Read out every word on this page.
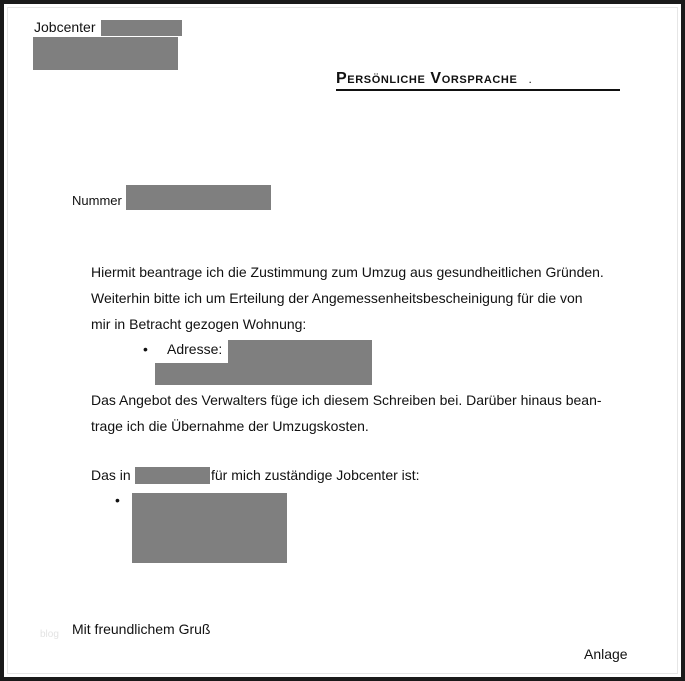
Jobcenter
Persönliche Vorsprache .
Nummer
Hiermit beantrage ich die Zustimmung zum Umzug aus gesundheitlichen Gründen.
Weiterhin bitte ich um Erteilung der Angemessenheitsbescheinigung für die von
mir in Betracht gezogen Wohnung:
• Adresse:
Das Angebot des Verwalters füge ich diesem Schreiben bei. Darüber hinaus bean-
trage ich die Übernahme der Umzugskosten.
Das in	für mich zuständige Jobcenter ist:
•
blog Mit freundlichem Gruß
Anlage
